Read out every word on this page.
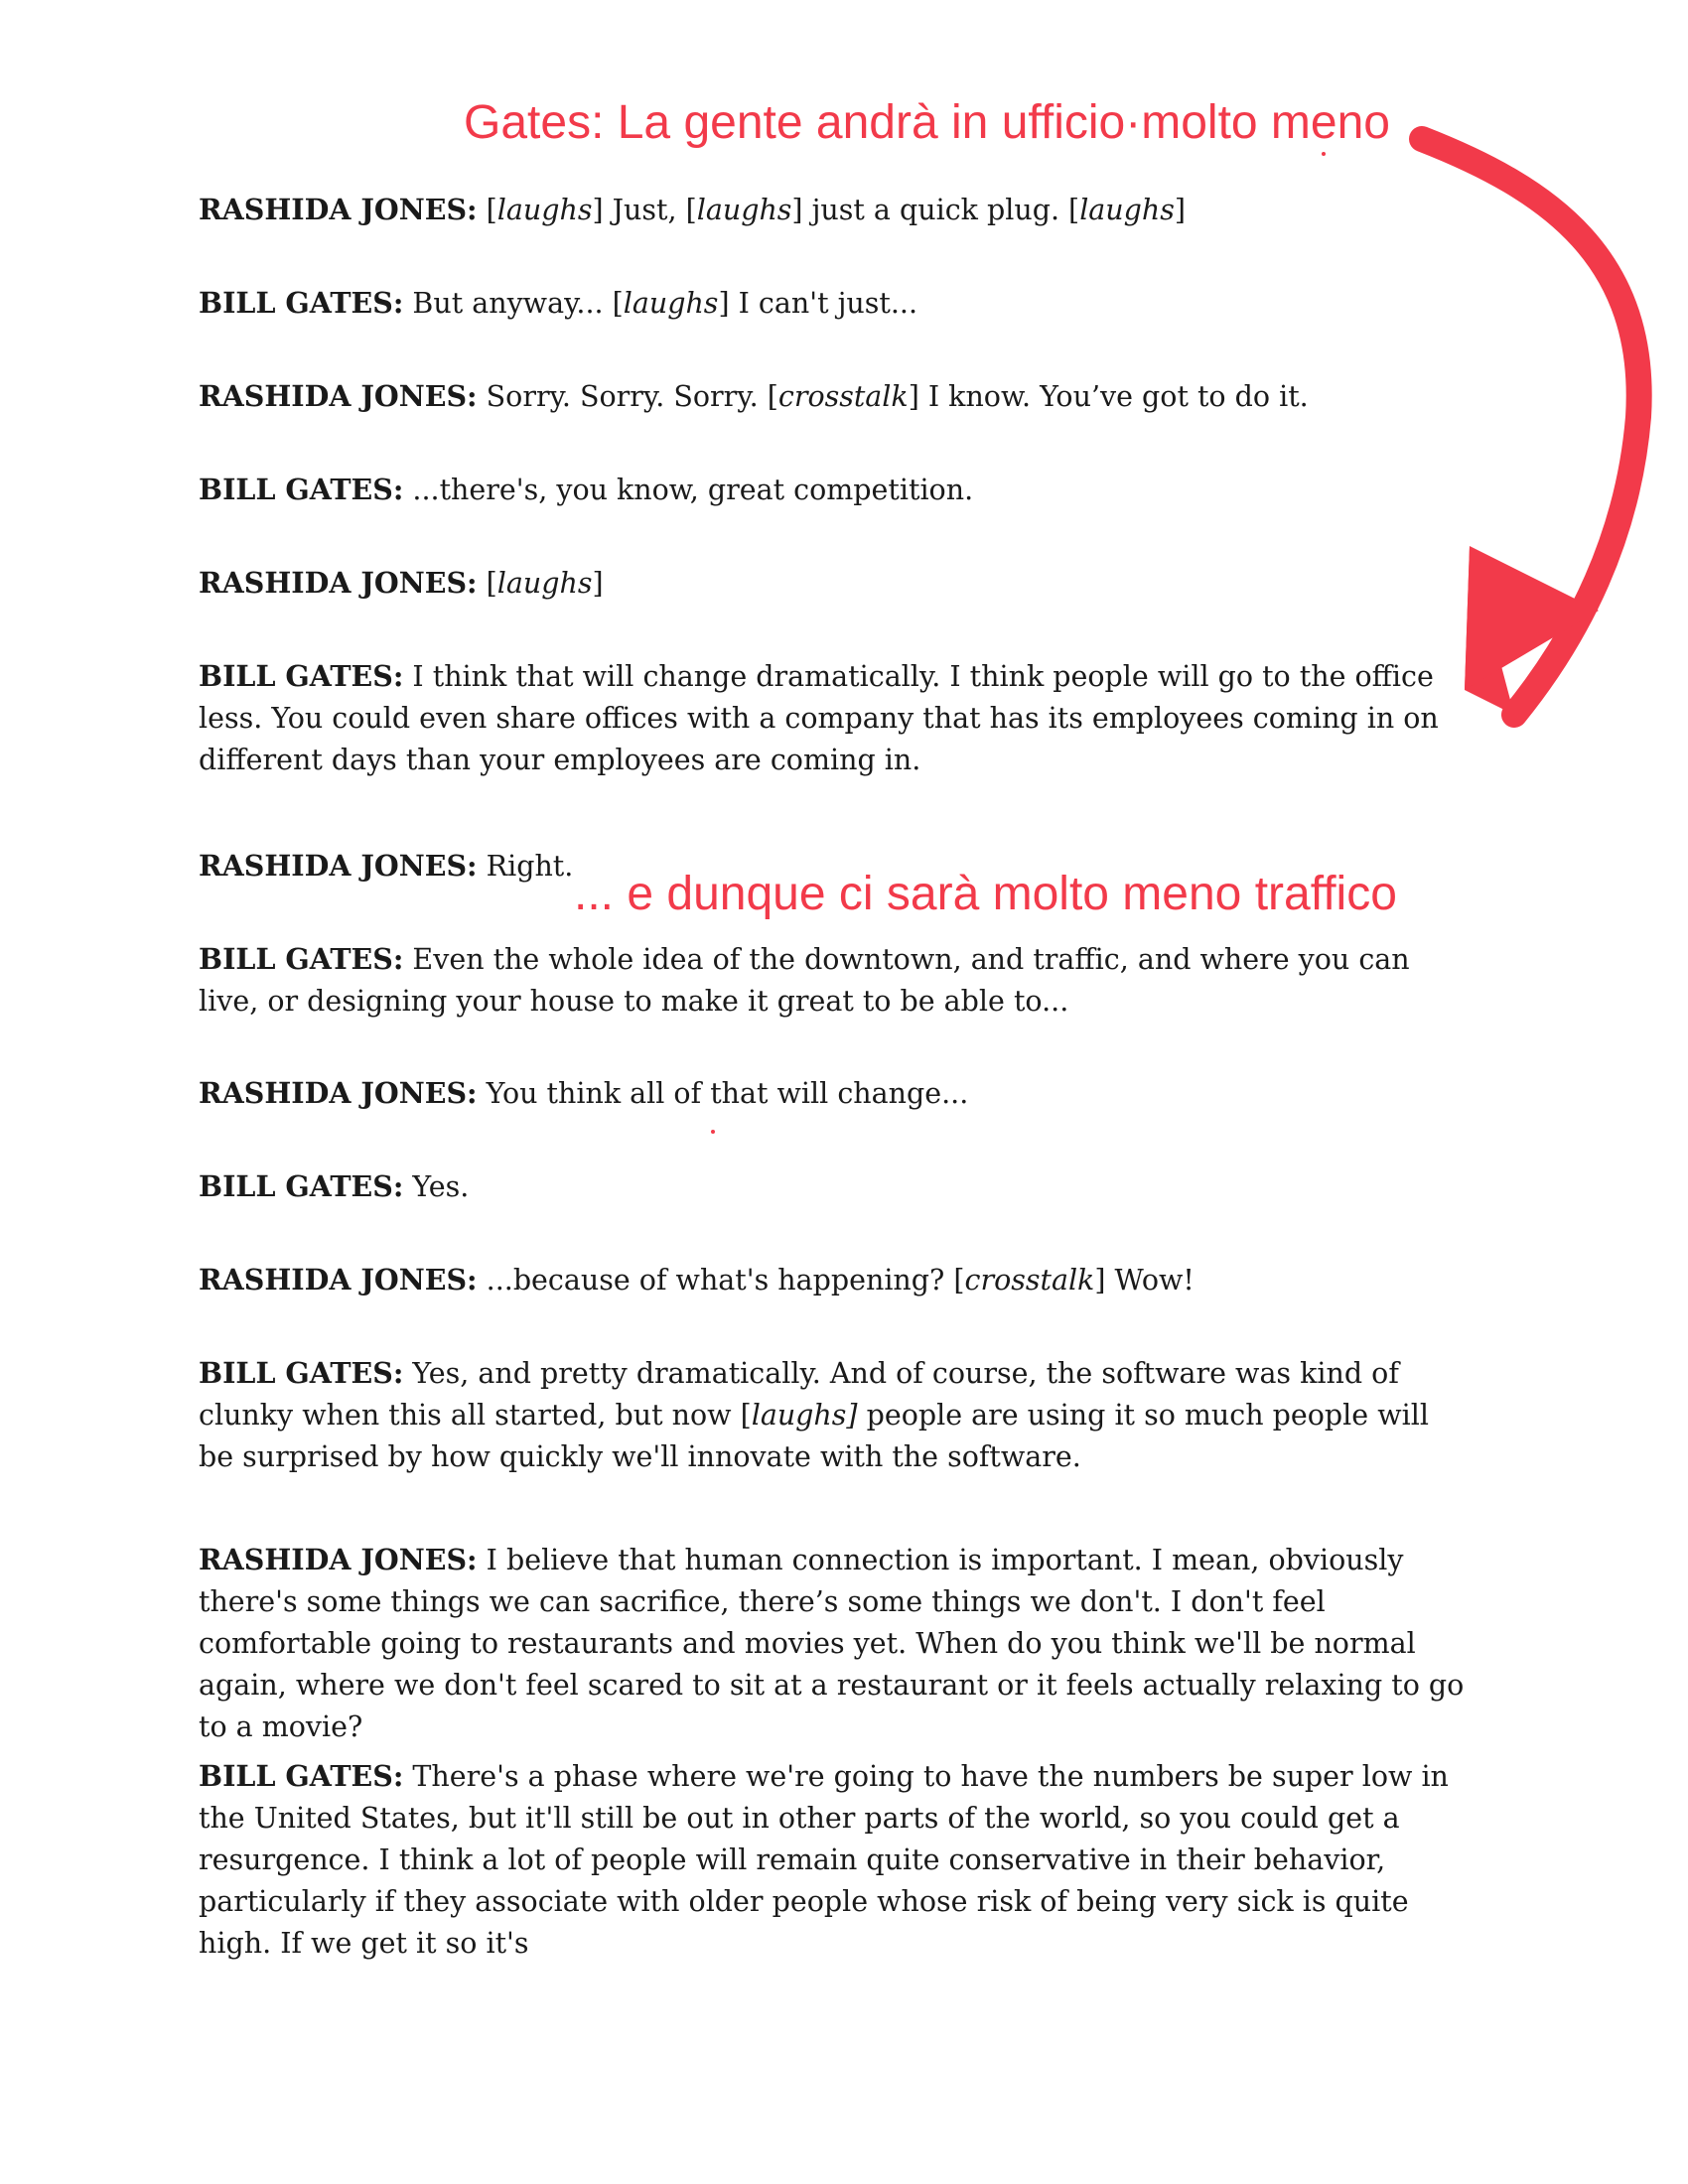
Gates: La gente andrà in ufficio·molto meno
... e dunque ci sarà molto meno traffico

RASHIDA JONES: [laughs] Just, [laughs] just a quick plug. [laughs]

BILL GATES: But anyway... [laughs] I can't just...

RASHIDA JONES: Sorry. Sorry. Sorry. [crosstalk] I know. You’ve got to do it.

BILL GATES: ...there's, you know, great competition.

RASHIDA JONES: [laughs]

BILL GATES: I think that will change dramatically. I think people will go to the office less. You could even share offices with a company that has its employees coming in on different days than your employees are coming in.

RASHIDA JONES: Right.

BILL GATES: Even the whole idea of the downtown, and traffic, and where you can live, or designing your house to make it great to be able to...

RASHIDA JONES: You think all of that will change...

BILL GATES: Yes.

RASHIDA JONES: ...because of what's happening? [crosstalk] Wow!

BILL GATES: Yes, and pretty dramatically. And of course, the software was kind of clunky when this all started, but now [laughs] people are using it so much people will be surprised by how quickly we'll innovate with the software.

RASHIDA JONES: I believe that human connection is important. I mean, obviously there's some things we can sacrifice, there’s some things we don't. I don't feel comfortable going to restaurants and movies yet. When do you think we'll be normal again, where we don't feel scared to sit at a restaurant or it feels actually relaxing to go to a movie?

BILL GATES: There's a phase where we're going to have the numbers be super low in the United States, but it'll still be out in other parts of the world, so you could get a resurgence. I think a lot of people will remain quite conservative in their behavior, particularly if they associate with older people whose risk of being very sick is quite high. If we get it so it's
